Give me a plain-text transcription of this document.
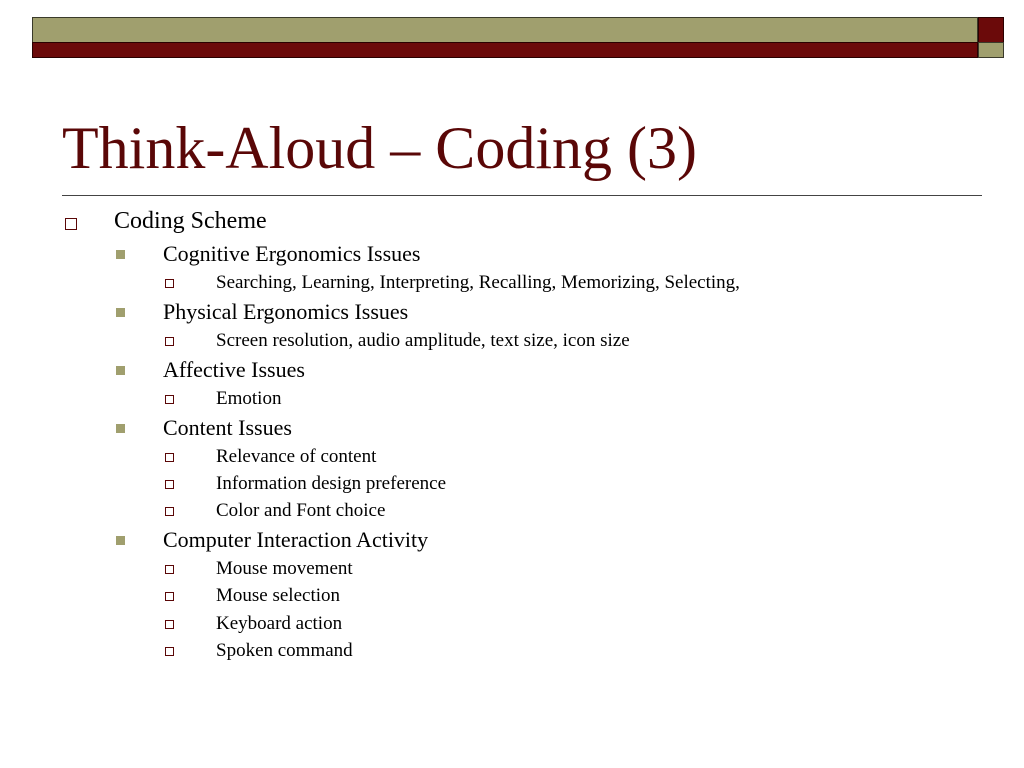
Think-Aloud – Coding (3)
Coding Scheme
Cognitive Ergonomics Issues
Searching, Learning, Interpreting, Recalling, Memorizing, Selecting,
Physical Ergonomics Issues
Screen resolution, audio amplitude, text size, icon size
Affective Issues
Emotion
Content Issues
Relevance of content
Information design preference
Color and Font choice
Computer Interaction Activity
Mouse movement
Mouse selection
Keyboard action
Spoken command
